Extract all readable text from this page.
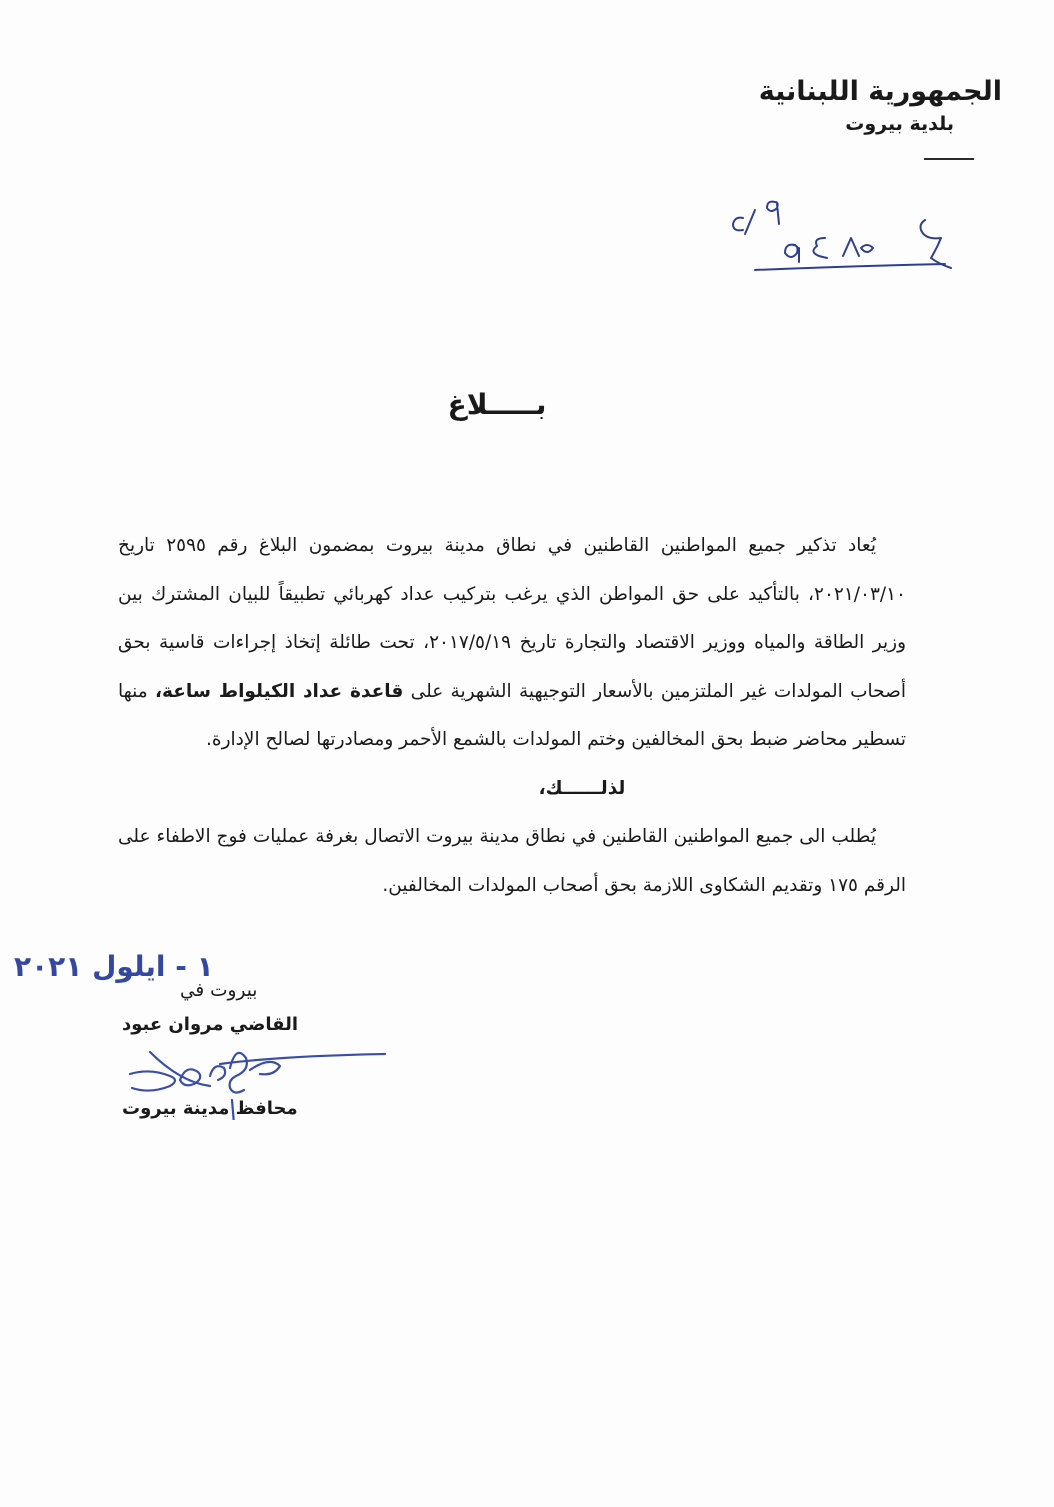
الجمهورية اللبنانية
بلدية بيروت
بـــــلاغ

يُعاد تذكير جميع المواطنين القاطنين في نطاق مدينة بيروت بمضمون البلاغ رقم ٢٥٩٥ تاريخ ٢٠٢١/٠٣/١٠، بالتأكيد على حق المواطن الذي يرغب بتركيب عداد كهربائي تطبيقاً للبيان المشترك بين وزير الطاقة والمياه ووزير الاقتصاد والتجارة تاريخ ٢٠١٧/٥/١٩، تحت طائلة إتخاذ إجراءات قاسية بحق أصحاب المولدات غير الملتزمين بالأسعار التوجيهية الشهرية على قاعدة عداد الكيلواط ساعة، منها تسطير محاضر ضبط بحق المخالفين وختم المولدات بالشمع الأحمر ومصادرتها لصالح الإدارة.

لذلــــــك،

يُطلب الى جميع المواطنين القاطنين في نطاق مدينة بيروت الاتصال بغرفة عمليات فوج الاطفاء على الرقم ١٧٥ وتقديم الشكاوى اللازمة بحق أصحاب المولدات المخالفين.

١ - ايلول ٢٠٢١
بيروت في
القاضي مروان عبود
محافظ مدينة بيروت
